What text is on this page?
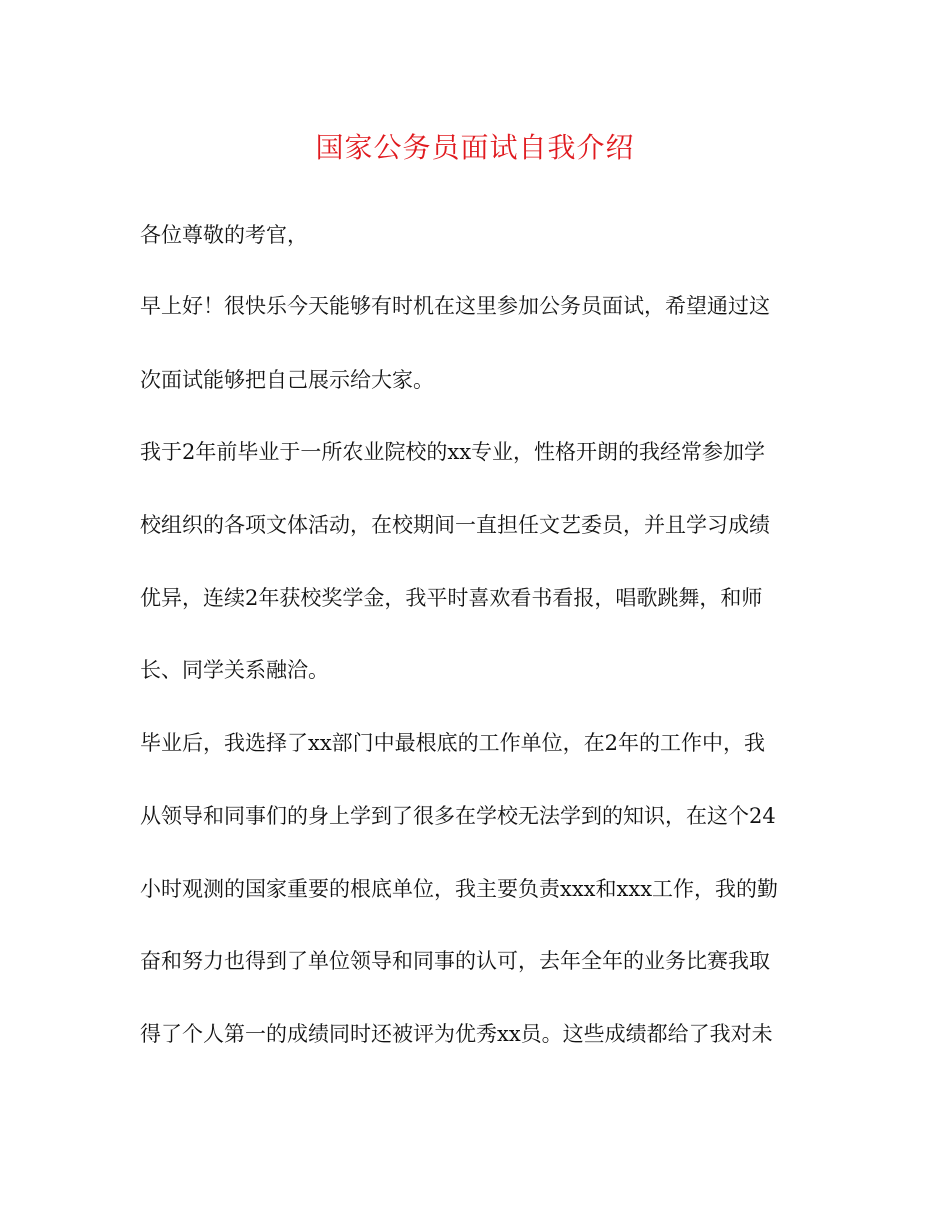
国家公务员面试自我介绍

各位尊敬的考官，

早上好！很快乐今天能够有时机在这里参加公务员面试，希望通过这

次面试能够把自己展示给大家。

我于2年前毕业于一所农业院校的xx专业，性格开朗的我经常参加学

校组织的各项文体活动，在校期间一直担任文艺委员，并且学习成绩

优异，连续2年获校奖学金，我平时喜欢看书看报，唱歌跳舞，和师

长、同学关系融洽。

毕业后，我选择了xx部门中最根底的工作单位，在2年的工作中，我

从领导和同事们的身上学到了很多在学校无法学到的知识，在这个24

小时观测的国家重要的根底单位，我主要负责xxx和xxx工作，我的勤

奋和努力也得到了单位领导和同事的认可，去年全年的业务比赛我取

得了个人第一的成绩同时还被评为优秀xx员。这些成绩都给了我对未
